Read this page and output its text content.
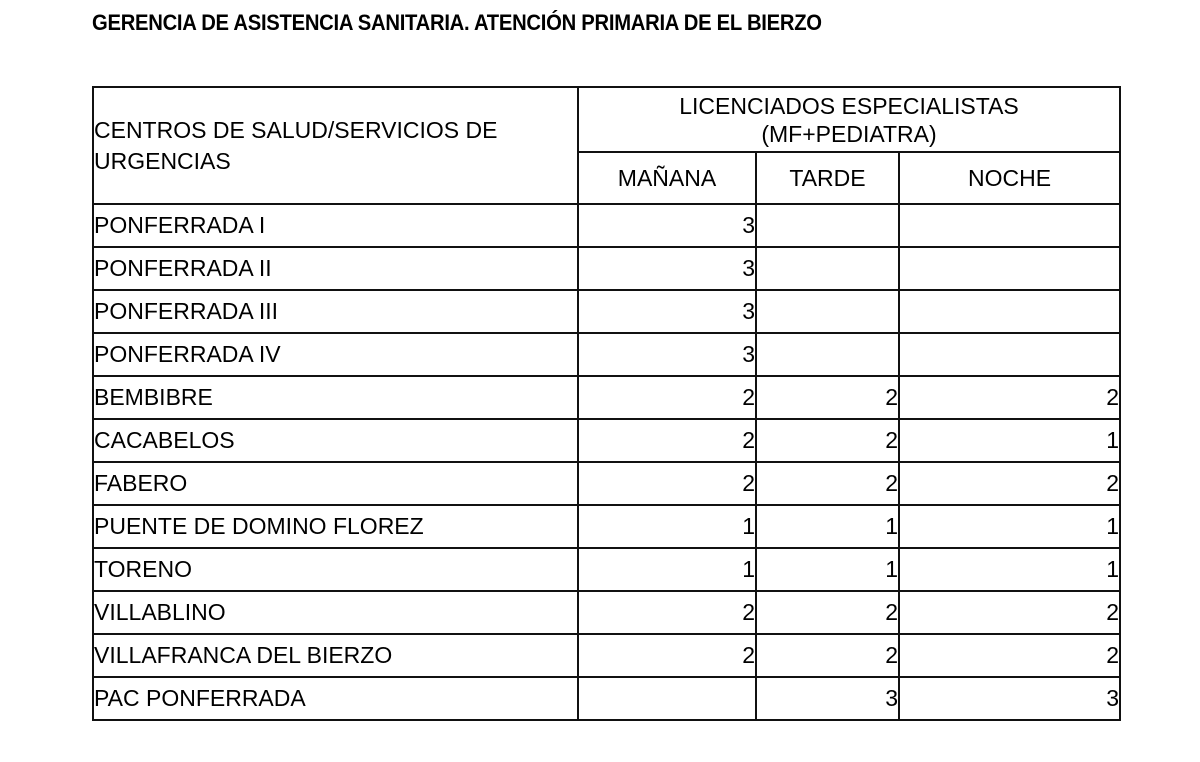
GERENCIA DE ASISTENCIA SANITARIA. ATENCIÓN PRIMARIA DE EL BIERZO
CENTROS DE SALUD/SERVICIOS DE URGENCIAS	LICENCIADOS ESPECIALISTAS
(MF+PEDIATRA)		

	MAÑANA	TARDE	NOCHE
PONFERRADA I	3		
PONFERRADA II	3		
PONFERRADA III	3		
PONFERRADA IV	3		
BEMBIBRE	2	2	2
CACABELOS	2	2	1
FABERO	2	2	2
PUENTE DE DOMINO FLOREZ	1	1	1
TORENO	1	1	1
VILLABLINO	2	2	2
VILLAFRANCA DEL BIERZO	2	2	2
PAC PONFERRADA		3	3
